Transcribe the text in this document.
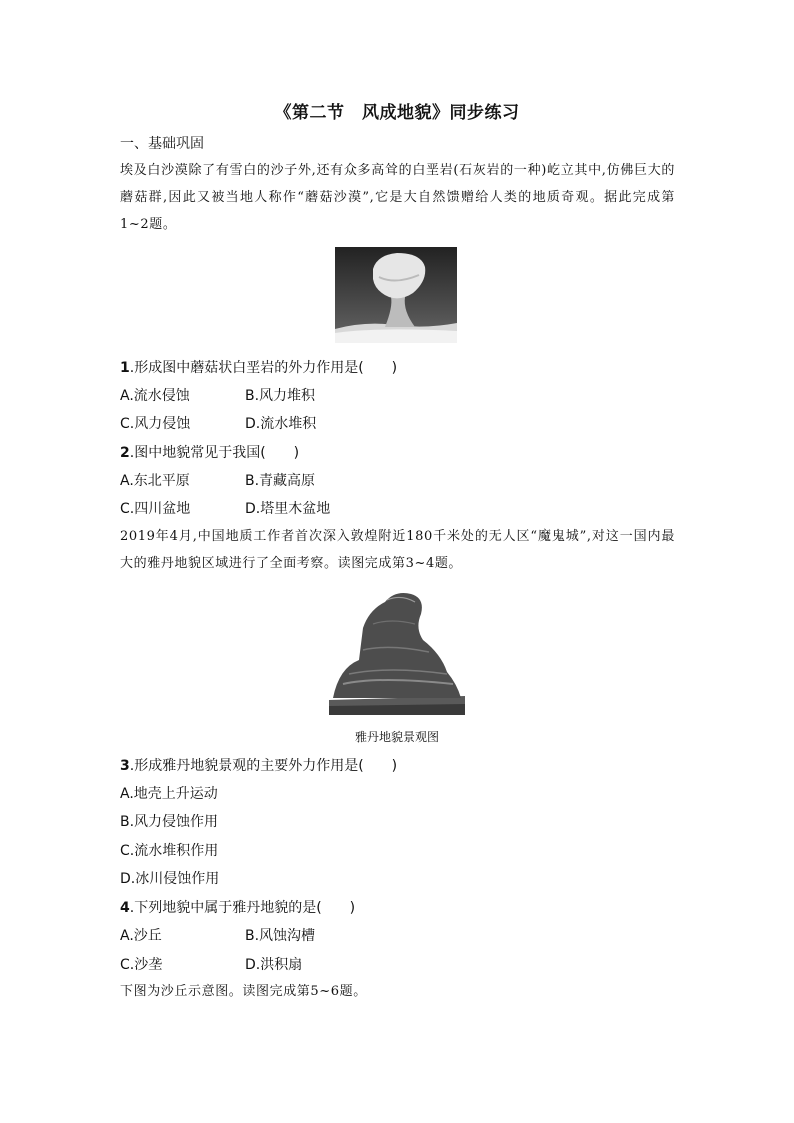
《第二节　风成地貌》同步练习
一、基础巩固
埃及白沙漠除了有雪白的沙子外,还有众多高耸的白垩岩(石灰岩的一种)屹立其中,仿佛巨大的蘑菇群,因此又被当地人称作“蘑菇沙漠”,它是大自然馈赠给人类的地质奇观。据此完成第1~2题。
1.形成图中蘑菇状白垩岩的外力作用是(　　)
A.流水侵蚀	B.风力堆积
C.风力侵蚀	D.流水堆积
2.图中地貌常见于我国(　　)
A.东北平原	B.青藏高原
C.四川盆地	D.塔里木盆地
2019年4月,中国地质工作者首次深入敦煌附近180千米处的无人区“魔鬼城”,对这一国内最大的雅丹地貌区域进行了全面考察。读图完成第3~4题。
雅丹地貌景观图
3.形成雅丹地貌景观的主要外力作用是(　　)
A.地壳上升运动
B.风力侵蚀作用
C.流水堆积作用
D.冰川侵蚀作用
4.下列地貌中属于雅丹地貌的是(　　)
A.沙丘	B.风蚀沟槽
C.沙垄	D.洪积扇
下图为沙丘示意图。读图完成第5~6题。
